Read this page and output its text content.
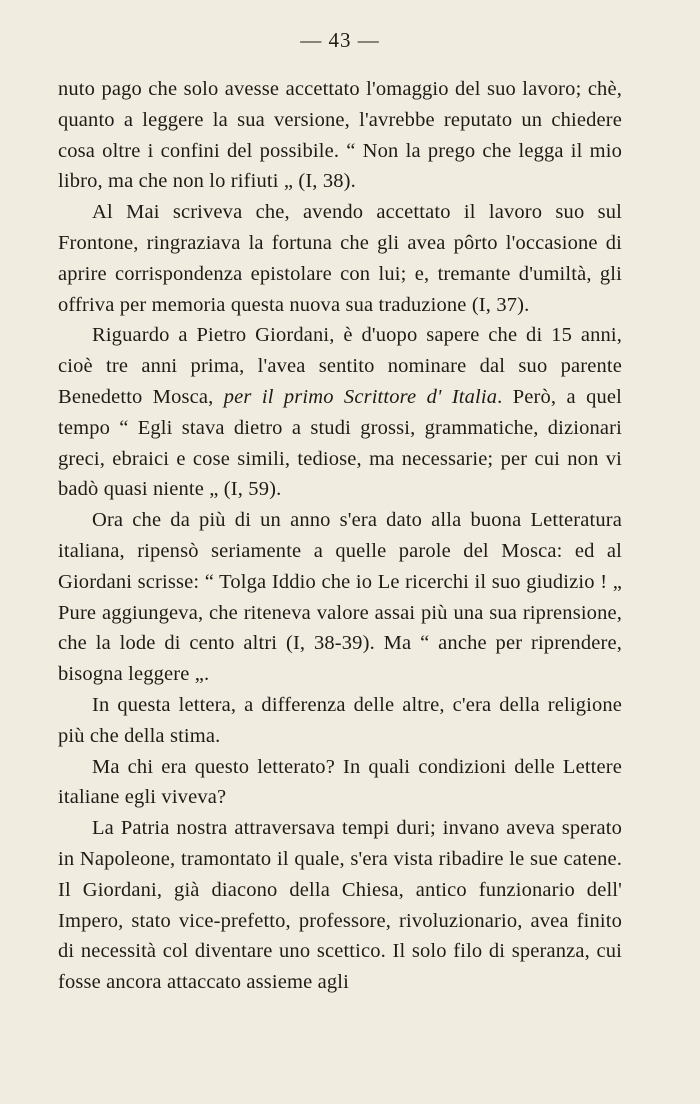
— 43 —

nuto pago che solo avesse accettato l'omaggio del suo lavoro; chè, quanto a leggere la sua versione, l'avrebbe reputato un chiedere cosa oltre i confini del possibile. “ Non la prego che legga il mio libro, ma che non lo rifiuti „ (I, 38).

Al Mai scriveva che, avendo accettato il lavoro suo sul Frontone, ringraziava la fortuna che gli avea pôrto l'occasione di aprire corrispondenza epistolare con lui; e, tremante d'umiltà, gli offriva per memoria questa nuova sua traduzione (I, 37).

Riguardo a Pietro Giordani, è d'uopo sapere che di 15 anni, cioè tre anni prima, l'avea sentito nominare dal suo parente Benedetto Mosca, per il primo Scrittore d' Italia. Però, a quel tempo “ Egli stava dietro a studi grossi, grammatiche, dizionari greci, ebraici e cose simili, tediose, ma necessarie; per cui non vi badò quasi niente „ (I, 59).

Ora che da più di un anno s'era dato alla buona Letteratura italiana, ripensò seriamente a quelle parole del Mosca: ed al Giordani scrisse: “ Tolga Iddio che io Le ricerchi il suo giudizio ! „ Pure aggiungeva, che riteneva valore assai più una sua riprensione, che la lode di cento altri (I, 38-39). Ma “ anche per riprendere, bisogna leggere „.

In questa lettera, a differenza delle altre, c'era della religione più che della stima.

Ma chi era questo letterato? In quali condizioni delle Lettere italiane egli viveva?

La Patria nostra attraversava tempi duri; invano aveva sperato in Napoleone, tramontato il quale, s'era vista ribadire le sue catene. Il Giordani, già diacono della Chiesa, antico funzionario dell' Impero, stato vice-prefetto, professore, rivoluzionario, avea finito di necessità col diventare uno scettico. Il solo filo di speranza, cui fosse ancora attaccato assieme agli
